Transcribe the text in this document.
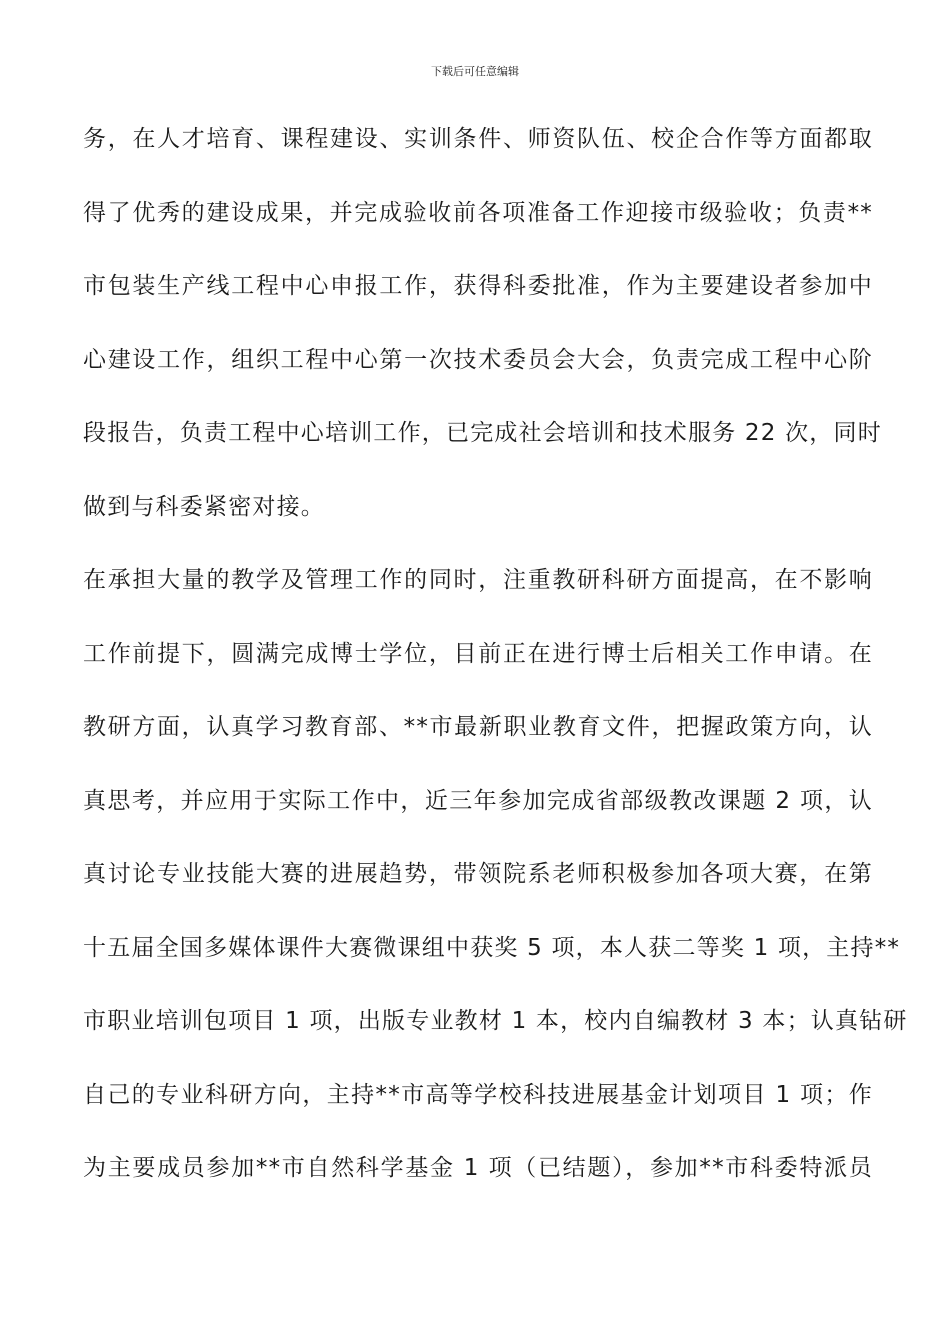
下载后可任意编辑
务，在人才培育、课程建设、实训条件、师资队伍、校企合作等方面都取
得了优秀的建设成果，并完成验收前各项准备工作迎接市级验收；负责**
市包装生产线工程中心申报工作，获得科委批准，作为主要建设者参加中
心建设工作，组织工程中心第一次技术委员会大会，负责完成工程中心阶
段报告，负责工程中心培训工作，已完成社会培训和技术服务 22 次，同时
做到与科委紧密对接。
在承担大量的教学及管理工作的同时，注重教研科研方面提高，在不影响
工作前提下，圆满完成博士学位，目前正在进行博士后相关工作申请。在
教研方面，认真学习教育部、**市最新职业教育文件，把握政策方向，认
真思考，并应用于实际工作中，近三年参加完成省部级教改课题 2 项，认
真讨论专业技能大赛的进展趋势，带领院系老师积极参加各项大赛，在第
十五届全国多媒体课件大赛微课组中获奖 5 项，本人获二等奖 1 项，主持**
市职业培训包项目 1 项，出版专业教材 1 本，校内自编教材 3 本；认真钻研
自己的专业科研方向，主持**市高等学校科技进展基金计划项目 1 项；作
为主要成员参加**市自然科学基金 1 项（已结题），参加**市科委特派员
